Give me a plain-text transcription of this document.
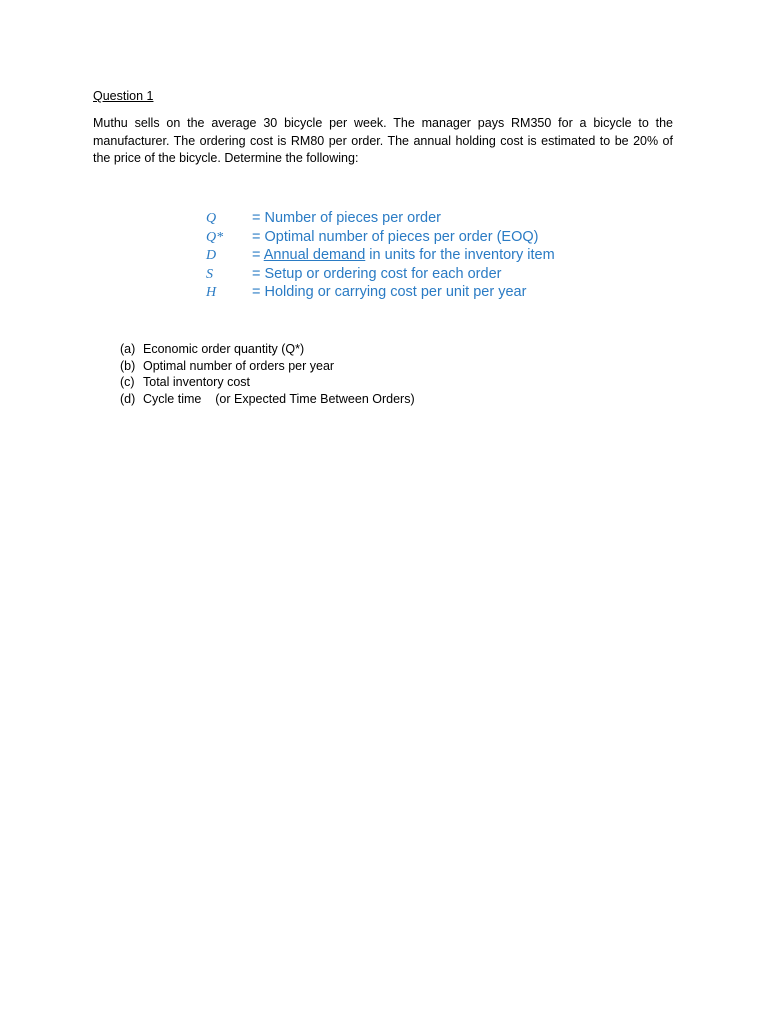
Question 1

Muthu sells on the average 30 bicycle per week. The manager pays RM350 for a bicycle to the manufacturer. The ordering cost is RM80 per order. The annual holding cost is estimated to be 20% of the price of the bicycle. Determine the following:

Q	= Number of pieces per order
Q*	= Optimal number of pieces per order (EOQ)
D	= Annual demand in units for the inventory item
S	= Setup or ordering cost for each order
H	= Holding or carrying cost per unit per year
(a) Economic order quantity (Q*)
(b) Optimal number of orders per year
(c) Total inventory cost
(d) Cycle time    (or Expected Time Between Orders)
